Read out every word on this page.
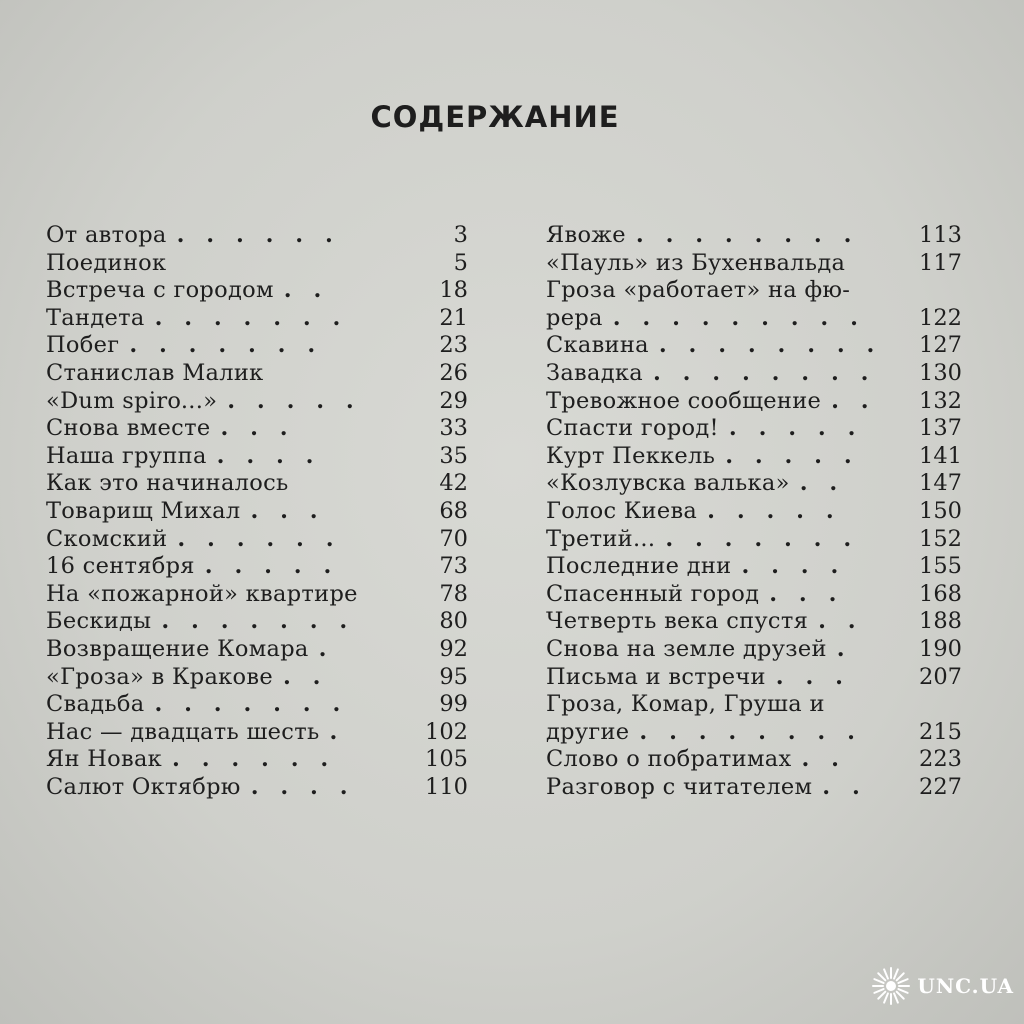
СОДЕРЖАНИЕ
От автора . . . . . .	3
Поединок	5
Встреча с городом . .	18
Тандета . . . . . . .	21
Побег . . . . . . .	23
Станислав Малик	26
«Dum spiro...» . . . . .	29
Снова вместе . . .	33
Наша группа . . . .	35
Как это начиналось	42
Товарищ Михал . . .	68
Скомский . . . . . .	70
16 сентября . . . . .	73
На «пожарной» квартире	78
Бескиды . . . . . . .	80
Возвращение Комара .	92
«Гроза» в Кракове . .	95
Свадьба . . . . . . .	99
Нас — двадцать шесть .	102
Ян Новак . . . . . .	105
Салют Октябрю . . . .	110
Явоже . . . . . . . .	113
«Пауль» из Бухенвальда	117
Гроза «работает» на фю-
рера . . . . . . . . . 122
Скавина . . . . . . . . 127
Завадка . . . . . . . . 130
Тревожное сообщение . . 132
Спасти город! . . . . .	137
Курт Пеккель . . . . .	141
«Козлувска валька» . .	147
Голос Киева . . . . .	150
Третий... . . . . . . .	152
Последние дни . . . .	155
Спасенный город . . .	168
Четверть века спустя . .	188
Снова на земле друзей .	190
Письма и встречи . . .	207
Гроза, Комар, Груша и
другие . . . . . . . .	215
Слово о побратимах . .	223
Разговор с читателем . . 227
UNC.UA
